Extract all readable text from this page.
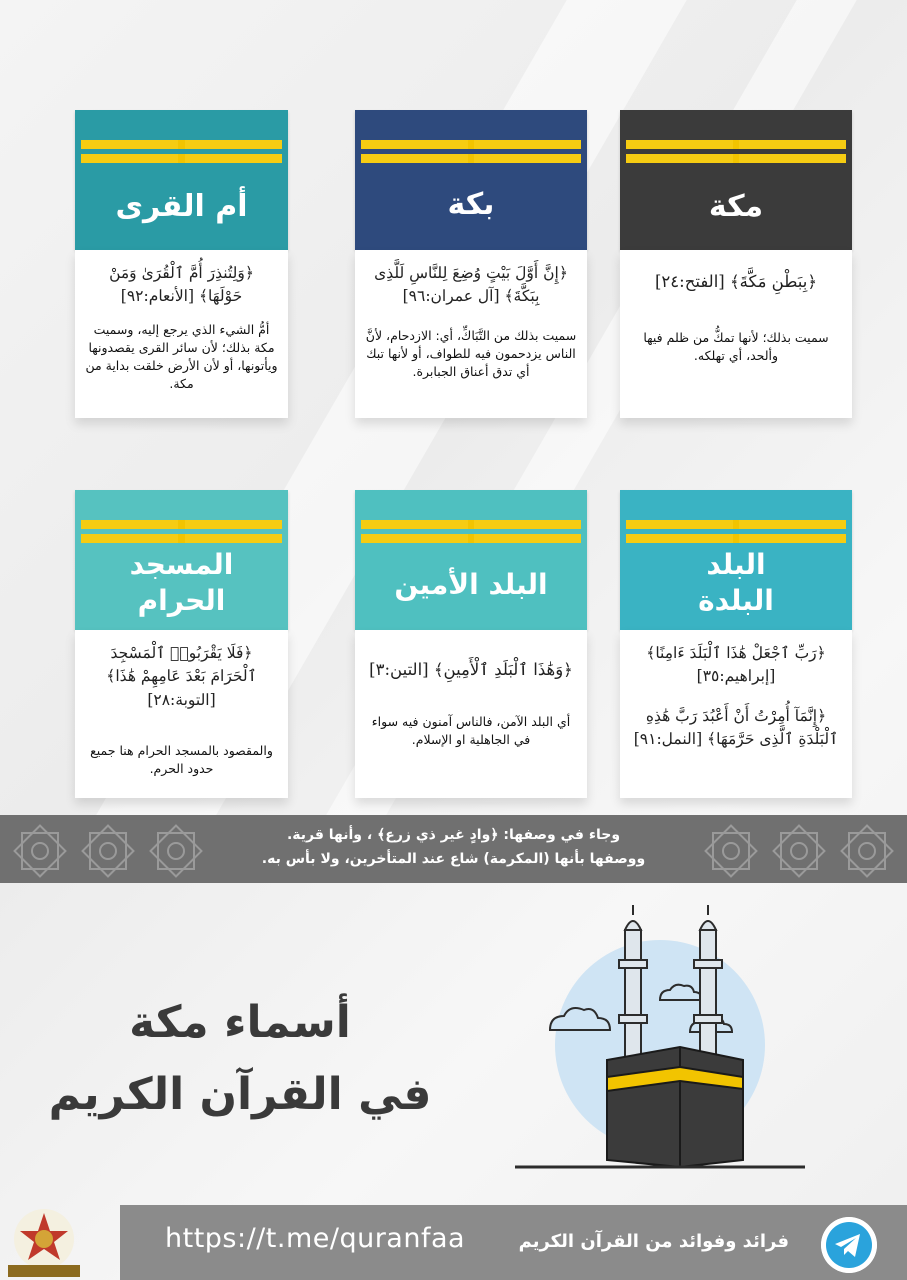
مكة
﴿بِبَطْنِ مَكَّةَ﴾ [الفتح:٢٤]
سميت بذلك؛ لأنها تمكُّ من ظلم فيها وألحد، أي تهلكه.
بكة
﴿إِنَّ أَوَّلَ بَيْتٍ وُضِعَ لِلنَّاسِ لَلَّذِى بِبَكَّةَ﴾ [آل عمران:٩٦]
سميت بذلك من التَّبَاكِّ، أي: الازدحام، لأنَّ الناس يزدحمون فيه للطواف، أو لأنها تبك أي تدق أعناق الجبابرة.
أم القرى
﴿وَلِتُنذِرَ أُمَّ ٱلْقُرَىٰ وَمَنْ حَوْلَهَا﴾ [الأنعام:٩٢]
أمُّ الشيء الذي يرجع إليه، وسميت مكة بذلك؛ لأن سائر القرى يقصدونها ويأتونها، أو لأن الأرض خلقت بداية من مكة.
البلد
البلدة
﴿رَبِّ ٱجْعَلْ هَٰذَا ٱلْبَلَدَ ءَامِنًا﴾ [إبراهيم:٣٥]
﴿إِنَّمَآ أُمِرْتُ أَنْ أَعْبُدَ رَبَّ هَٰذِهِ ٱلْبَلْدَةِ ٱلَّذِى حَرَّمَهَا﴾ [النمل:٩١]
البلد الأمين
﴿وَهَٰذَا ٱلْبَلَدِ ٱلْأَمِينِ﴾ [التين:٣]
أي البلد الآمن، فالناس آمنون فيه سواء في الجاهلية او الإسلام.
المسجد
الحرام
﴿فَلَا يَقْرَبُوا۟ ٱلْمَسْجِدَ ٱلْحَرَامَ بَعْدَ عَامِهِمْ هَٰذَا﴾ [التوبة:٢٨]
والمقصود بالمسجد الحرام هنا جميع حدود الحرم.
وجاء في وصفها: ﴿وادٍ غير ذي زرع﴾ ، وأنها قرية.
ووصفها بأنها (المكرمة) شاع عند المتأخرين، ولا بأس به.
أسماء مكة
في القرآن الكريم
https://t.me/quranfaa	فرائد وفوائد من القرآن الكريم
